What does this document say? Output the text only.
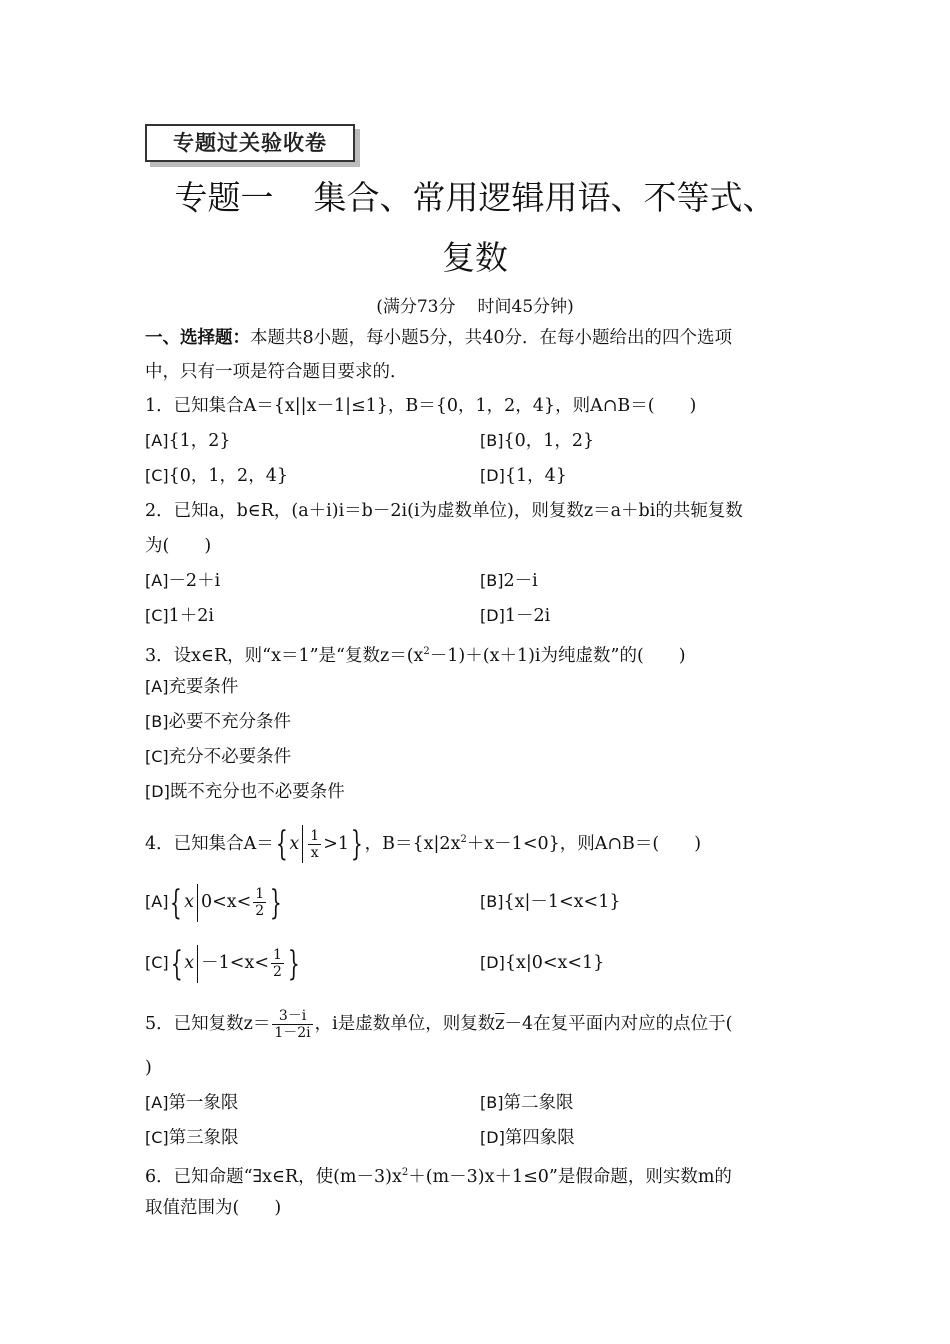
专题过关验收卷
专题一 集合、常用逻辑用语、不等式、
复数
(满分73分 时间45分钟)
一、选择题：本题共8小题，每小题5分，共40分．在每小题给出的四个选项
中，只有一项是符合题目要求的．
1．已知集合A＝{x||x－1|≤1}，B＝{0，1，2，4}，则A∩B＝(　　)
[A]{1，2}	[B]{0，1，2}
[C]{0，1，2，4}	[D]{1，4}
2．已知a，b∈R，(a＋i)i＝b－2i(i为虚数单位)，则复数z＝a＋bi的共轭复数
为(　　)
[A]－2＋i	[B]2－i
[C]1＋2i	[D]1－2i
3．设x∈R，则“x＝1”是“复数$z=(x^2-1)+(x+1)i$为纯虚数”的(　　)
[A]充要条件
[B]必要不充分条件
[C]充分不必要条件
[D]既不充分也不必要条件
4．已知集合A＝{ x $\frac{1}{x} >1$} ，$B=\{x|2x^2+x-1<0\}$，则A∩B＝(　　)
[A]{ x $0<x< \frac{1}{2}$ }	[B]{x|－1<x<1}
[C]{ $x -1<x< \frac{1}{2}$ }	[D]{x|0<x<1}
5．已知复数$z= \frac{3-i}{1-2i}$ ，i是虚数单位，则复数$\overline{z}-4$在复平面内对应的点位于(
)
[A]第一象限	[B]第二象限
[C]第三象限	[D]第四象限
6．已知命题“∃x∈R，使$(m-3)x^2+(m-3)x+1\le 0$”是假命题，则实数m的
取值范围为(　　)
